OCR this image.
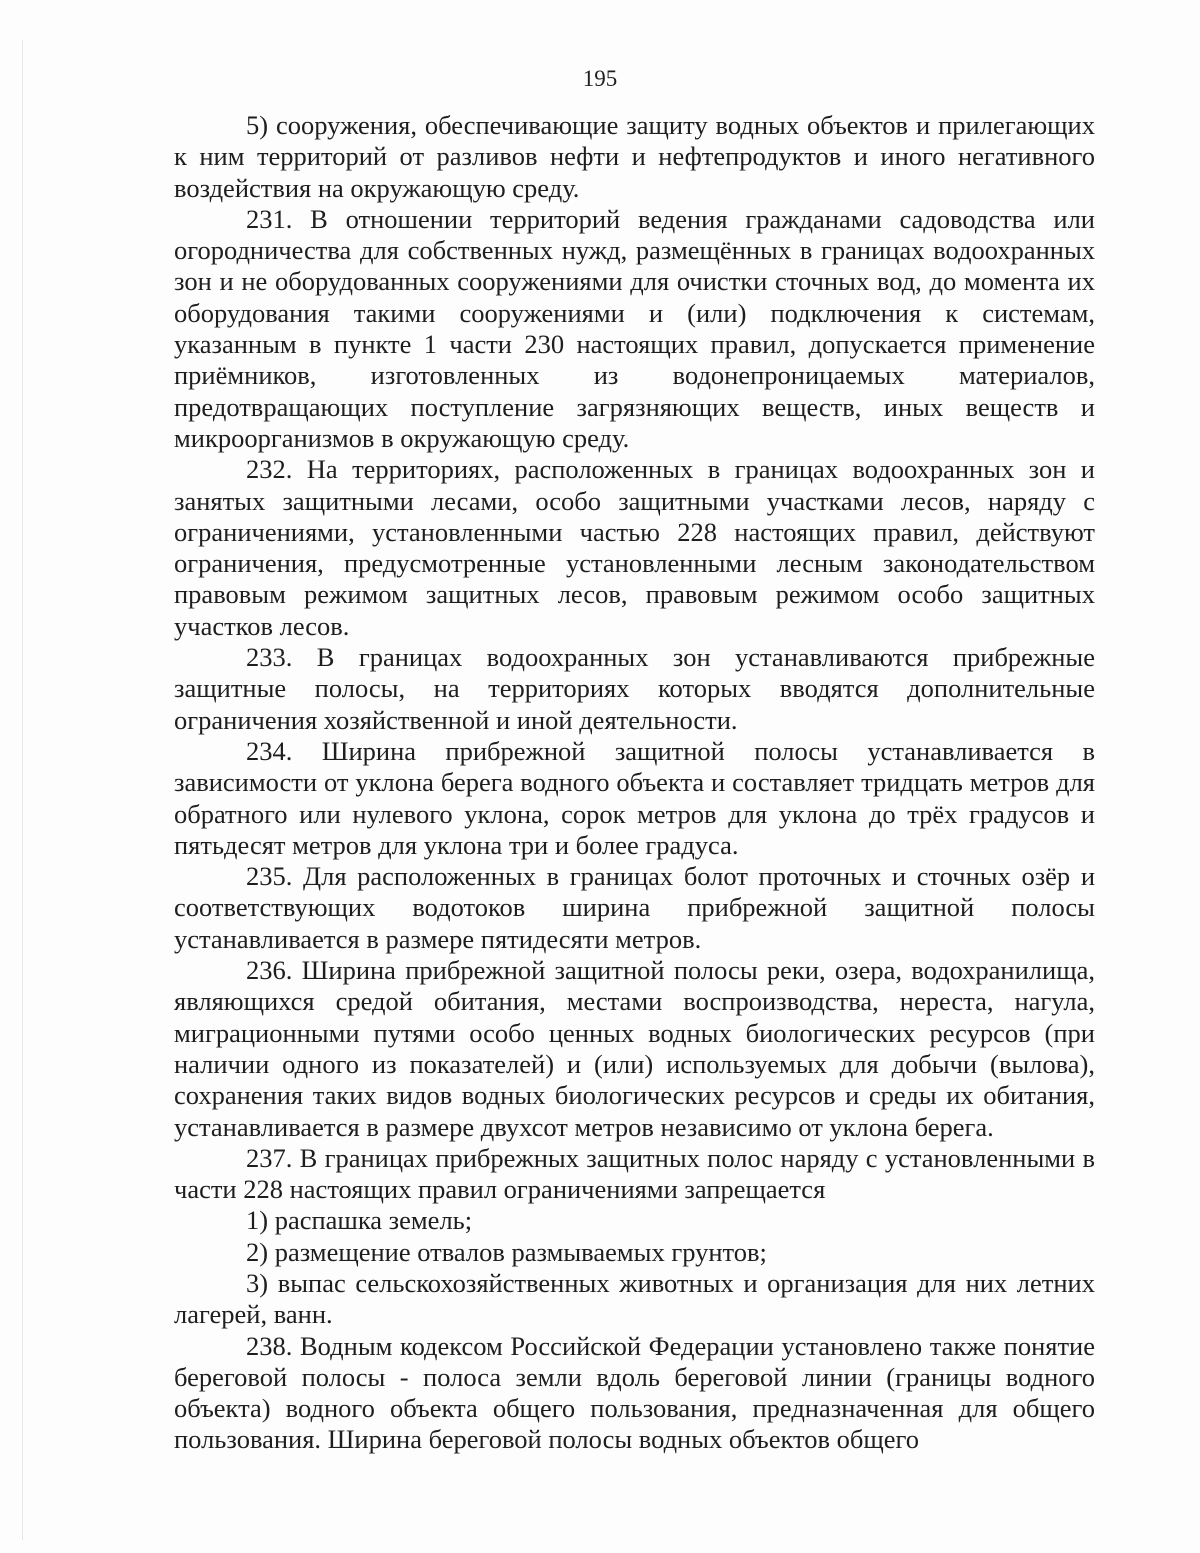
195

5) сооружения, обеспечивающие защиту водных объектов и прилегающих к ним территорий от разливов нефти и нефтепродуктов и иного негативного воздействия на окружающую среду.

231. В отношении территорий ведения гражданами садоводства или огородничества для собственных нужд, размещённых в границах водоохранных зон и не оборудованных сооружениями для очистки сточных вод, до момента их оборудования такими сооружениями и (или) подключения к системам, указанным в пункте 1 части 230 настоящих правил, допускается применение приёмников, изготовленных из водонепроницаемых материалов, предотвращающих поступление загрязняющих веществ, иных веществ и микроорганизмов в окружающую среду.

232. На территориях, расположенных в границах водоохранных зон и занятых защитными лесами, особо защитными участками лесов, наряду с ограничениями, установленными частью 228 настоящих правил, действуют ограничения, предусмотренные установленными лесным законодательством правовым режимом защитных лесов, правовым режимом особо защитных участков лесов.

233. В границах водоохранных зон устанавливаются прибрежные защитные полосы, на территориях которых вводятся дополнительные ограничения хозяйственной и иной деятельности.

234. Ширина прибрежной защитной полосы устанавливается в зависимости от уклона берега водного объекта и составляет тридцать метров для обратного или нулевого уклона, сорок метров для уклона до трёх градусов и пятьдесят метров для уклона три и более градуса.

235. Для расположенных в границах болот проточных и сточных озёр и соответствующих водотоков ширина прибрежной защитной полосы устанавливается в размере пятидесяти метров.

236. Ширина прибрежной защитной полосы реки, озера, водохранилища, являющихся средой обитания, местами воспроизводства, нереста, нагула, миграционными путями особо ценных водных биологических ресурсов (при наличии одного из показателей) и (или) используемых для добычи (вылова), сохранения таких видов водных биологических ресурсов и среды их обитания, устанавливается в размере двухсот метров независимо от уклона берега.

237. В границах прибрежных защитных полос наряду с установленными в части 228 настоящих правил ограничениями запрещается

1) распашка земель;

2) размещение отвалов размываемых грунтов;

3) выпас сельскохозяйственных животных и организация для них летних лагерей, ванн.

238. Водным кодексом Российской Федерации установлено также понятие береговой полосы - полоса земли вдоль береговой линии (границы водного объекта) водного объекта общего пользования, предназначенная для общего пользования. Ширина береговой полосы водных объектов общего
